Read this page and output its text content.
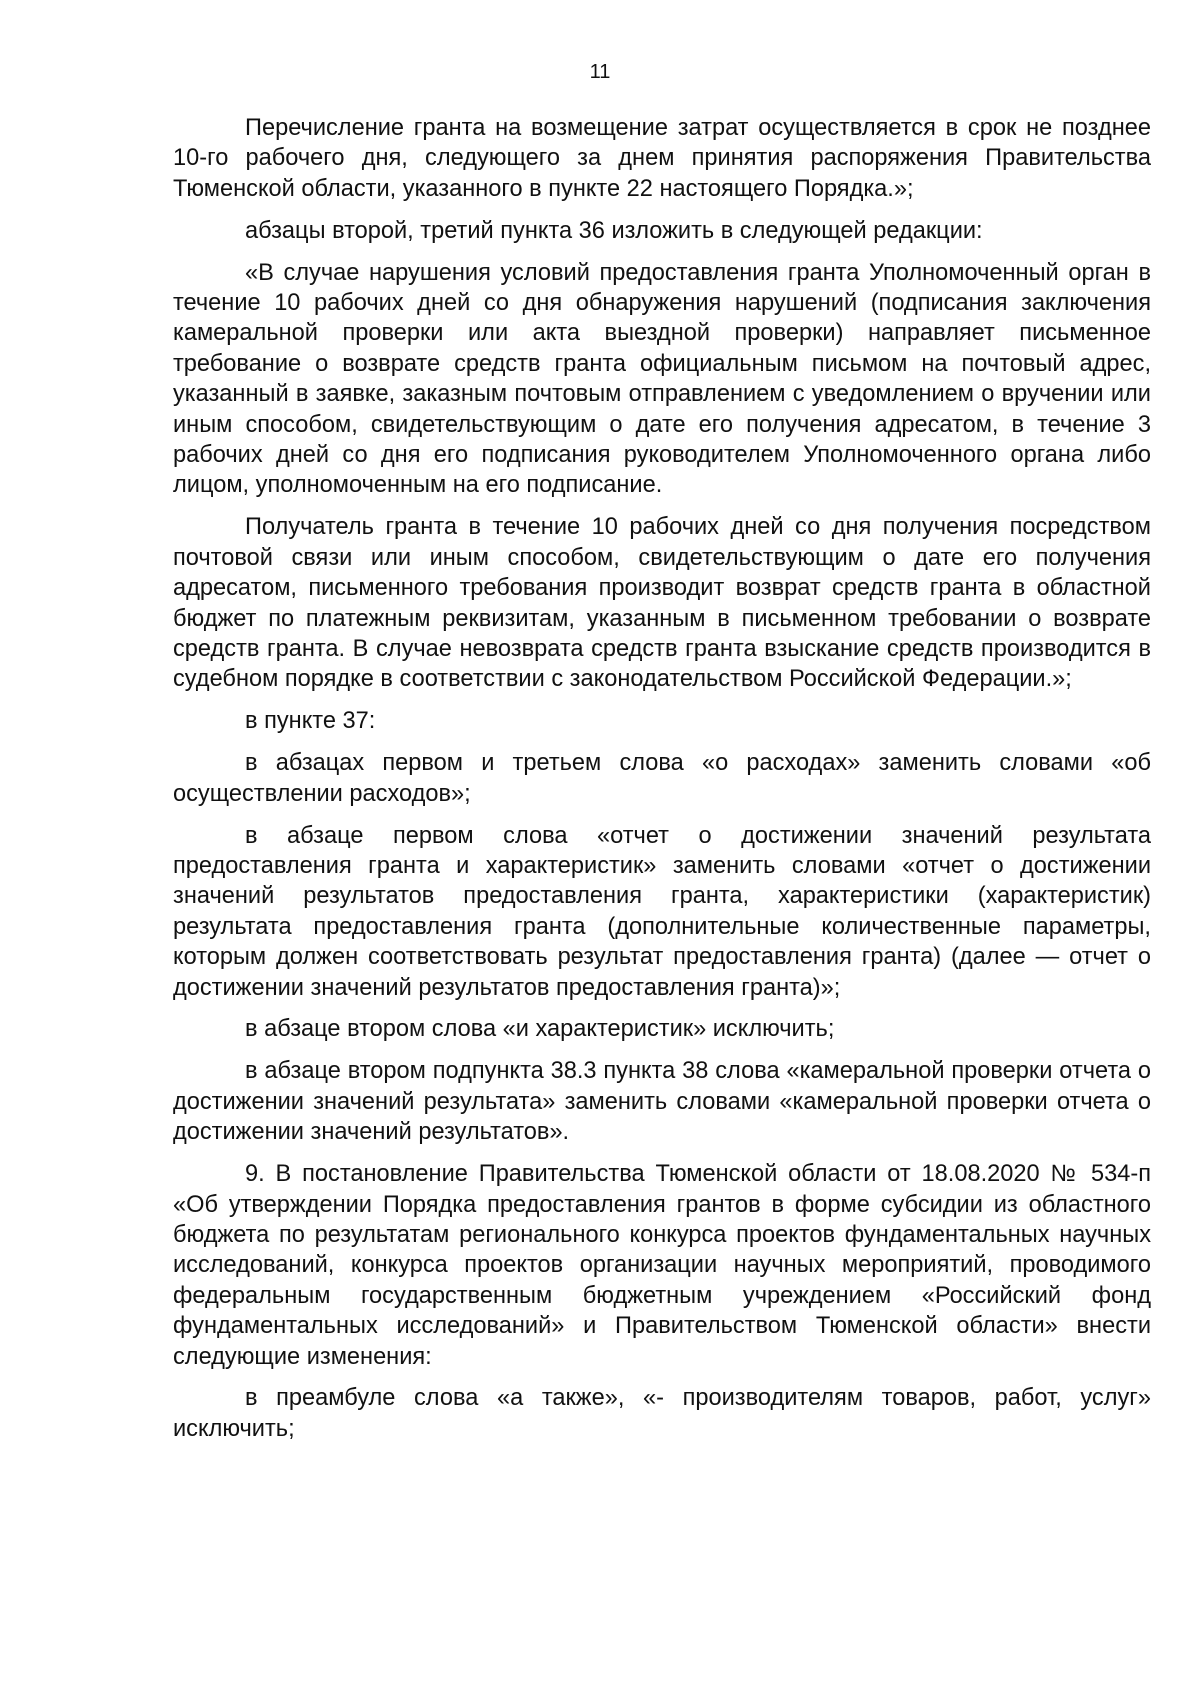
11

Перечисление гранта на возмещение затрат осуществляется в срок не позднее 10-го рабочего дня, следующего за днем принятия распоряжения Правительства Тюменской области, указанного в пункте 22 настоящего Порядка.»;

абзацы второй, третий пункта 36 изложить в следующей редакции:

«В случае нарушения условий предоставления гранта Уполномоченный орган в течение 10 рабочих дней со дня обнаружения нарушений (подписания заключения камеральной проверки или акта выездной проверки) направляет письменное требование о возврате средств гранта официальным письмом на почтовый адрес, указанный в заявке, заказным почтовым отправлением с уведомлением о вручении или иным способом, свидетельствующим о дате его получения адресатом, в течение 3 рабочих дней со дня его подписания руководителем Уполномоченного органа либо лицом, уполномоченным на его подписание.

Получатель гранта в течение 10 рабочих дней со дня получения посредством почтовой связи или иным способом, свидетельствующим о дате его получения адресатом, письменного требования производит возврат средств гранта в областной бюджет по платежным реквизитам, указанным в письменном требовании о возврате средств гранта. В случае невозврата средств гранта взыскание средств производится в судебном порядке в соответствии с законодательством Российской Федерации.»;

в пункте 37:

в абзацах первом и третьем слова «о расходах» заменить словами «об осуществлении расходов»;

в абзаце первом слова «отчет о достижении значений результата предоставления гранта и характеристик» заменить словами «отчет о достижении значений результатов предоставления гранта, характеристики (характеристик) результата предоставления гранта (дополнительные количественные параметры, которым должен соответствовать результат предоставления гранта) (далее — отчет о достижении значений результатов предоставления гранта)»;

в абзаце втором слова «и характеристик» исключить;

в абзаце втором подпункта 38.3 пункта 38 слова «камеральной проверки отчета о достижении значений результата» заменить словами «камеральной проверки отчета о достижении значений результатов».

9. В постановление Правительства Тюменской области от 18.08.2020 № 534-п «Об утверждении Порядка предоставления грантов в форме субсидии из областного бюджета по результатам регионального конкурса проектов фундаментальных научных исследований, конкурса проектов организации научных мероприятий, проводимого федеральным государственным бюджетным учреждением «Российский фонд фундаментальных исследований» и Правительством Тюменской области» внести следующие изменения:

в преамбуле слова «а также», «- производителям товаров, работ, услуг» исключить;
